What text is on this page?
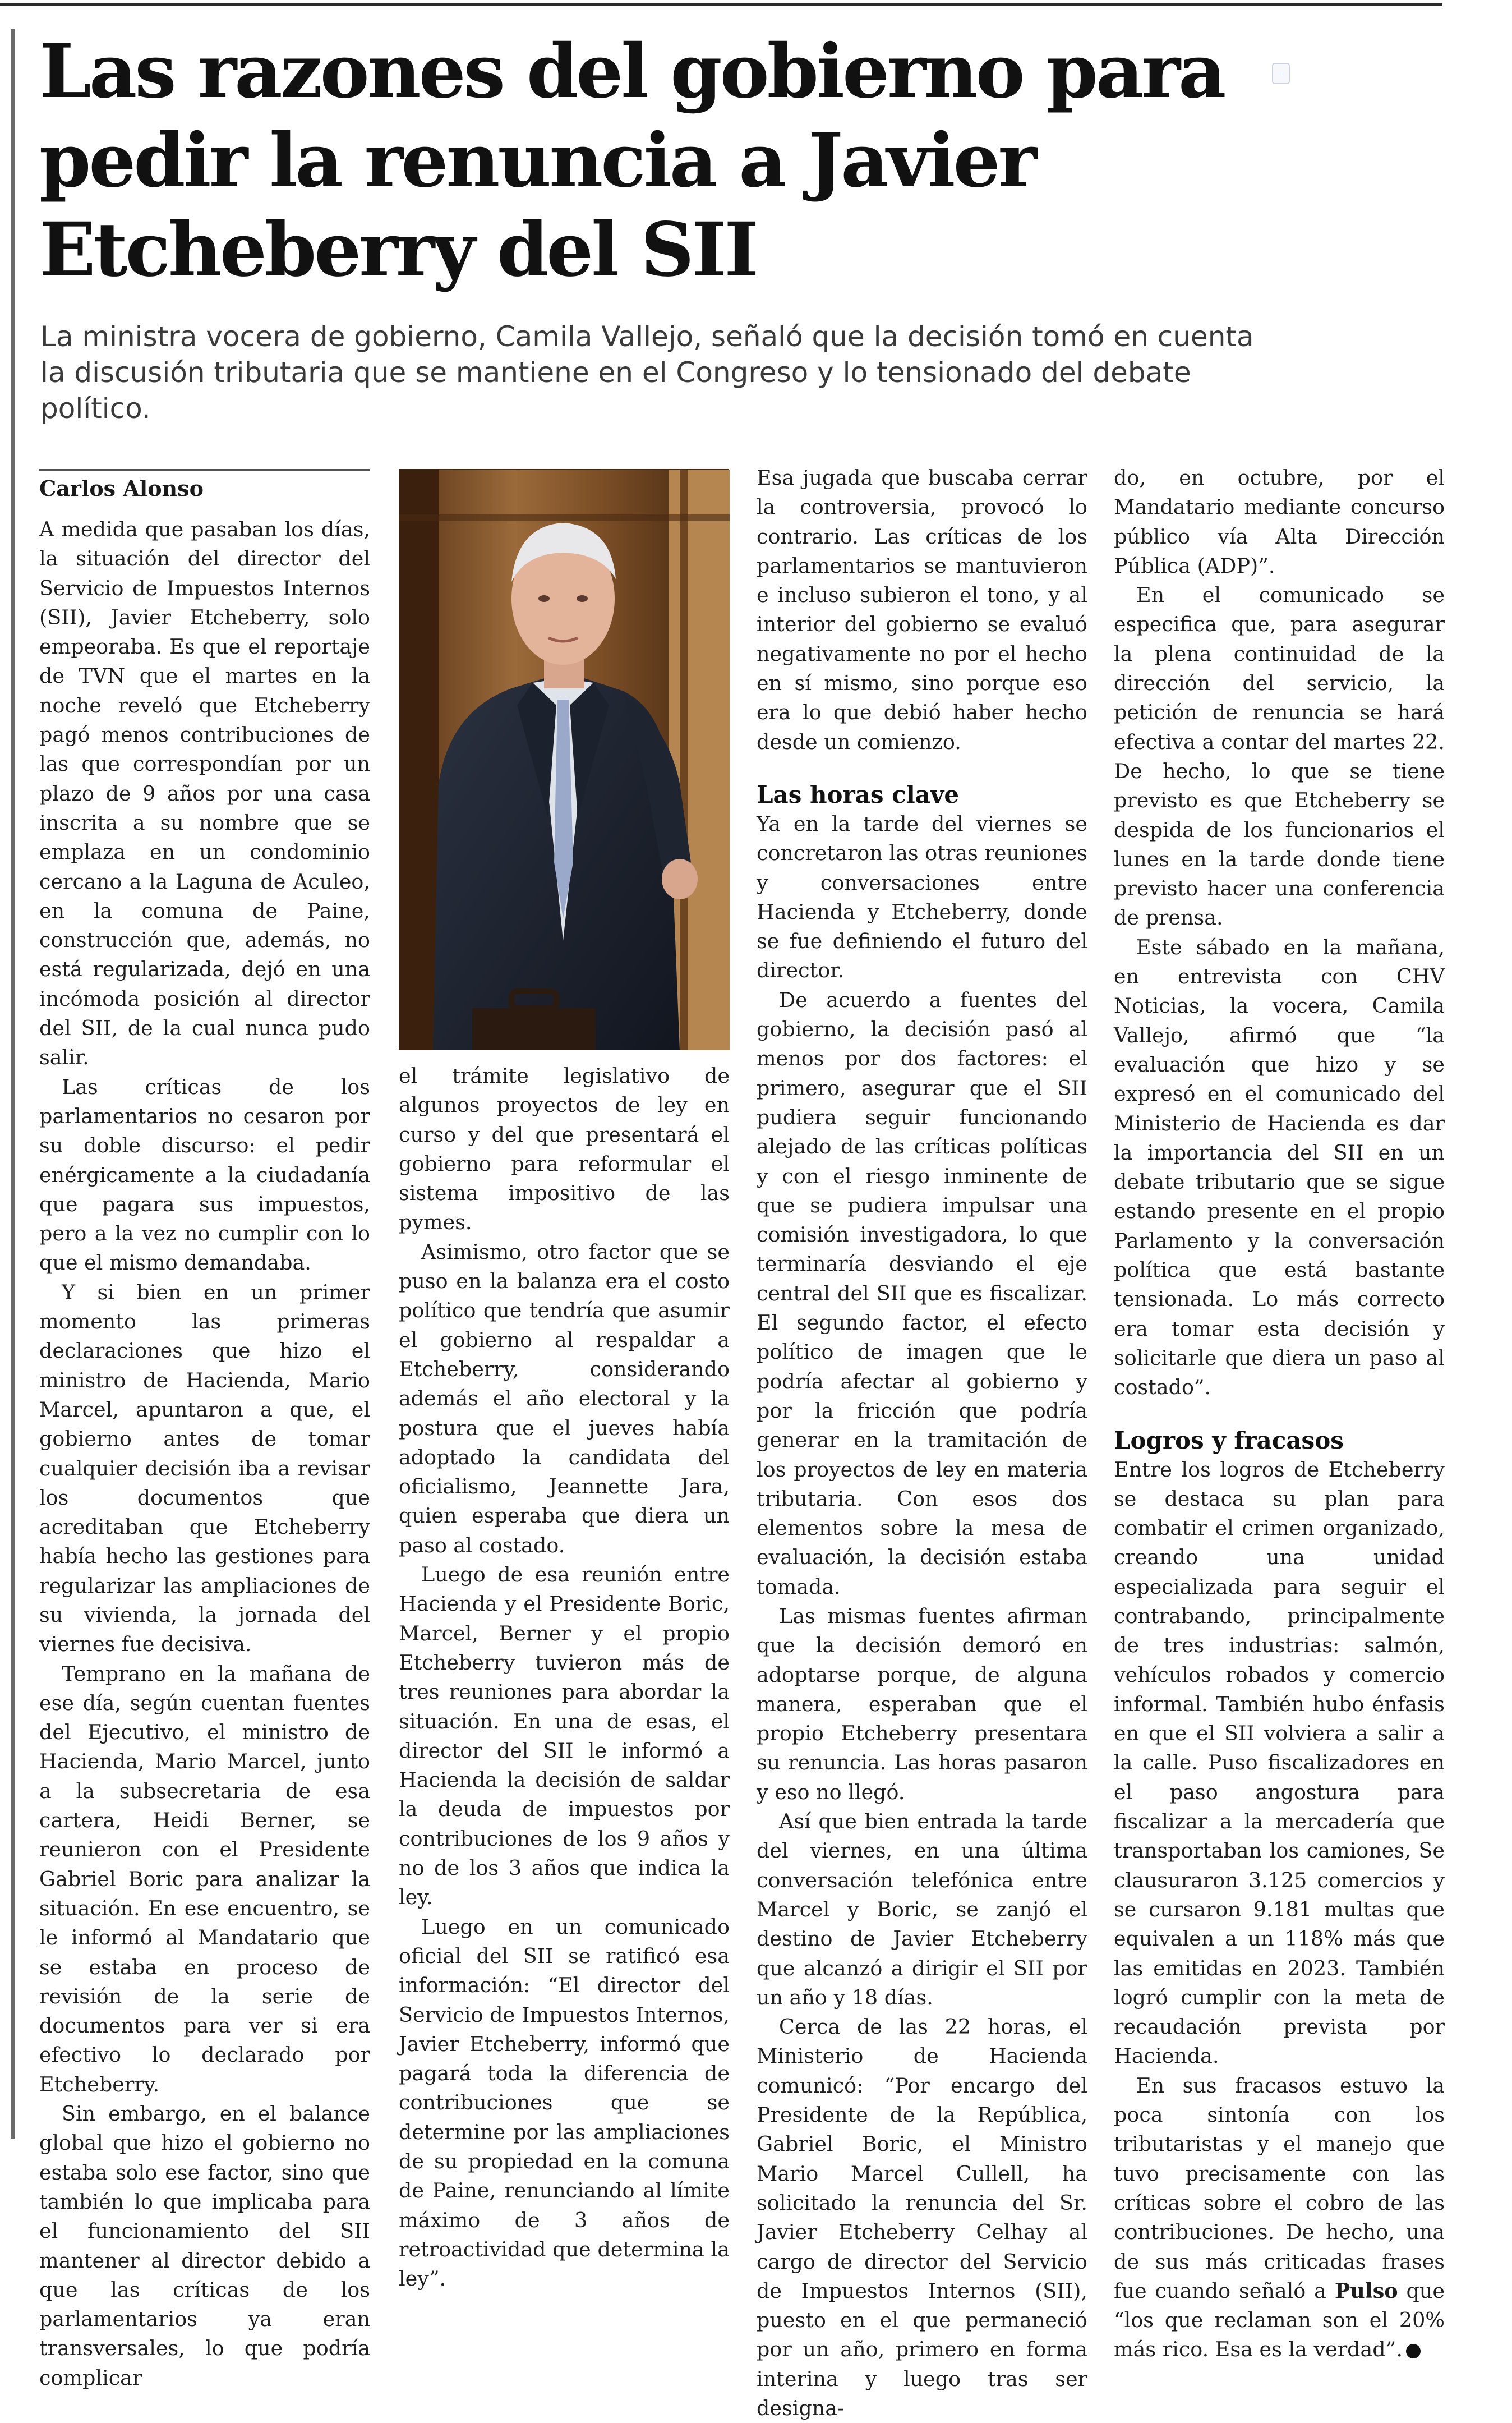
Las razones del gobierno para pedir la renuncia a Javier Etcheberry del SII
▫
La ministra vocera de gobierno, Camila Vallejo, señaló que la decisión tomó en cuenta la discusión tributaria que se mantiene en el Congreso y lo tensionado del debate político.
Carlos Alonso

A medida que pasaban los días, la situación del director del Servicio de Impuestos Internos (SII), Javier Etcheberry, solo empeoraba. Es que el reportaje de TVN que el martes en la noche reveló que Etcheberry pagó menos contribuciones de las que correspondían por un plazo de 9 años por una casa inscrita a su nombre que se emplaza en un condominio cercano a la Laguna de Aculeo, en la comuna de Paine, construcción que, además, no está regularizada, dejó en una incómoda posición al director del SII, de la cual nunca pudo salir.

Las críticas de los parlamentarios no cesaron por su doble discurso: el pedir enérgicamente a la ciudadanía que pagara sus impuestos, pero a la vez no cumplir con lo que el mismo demandaba.

Y si bien en un primer momento las primeras declaraciones que hizo el ministro de Hacienda, Mario Marcel, apuntaron a que, el gobierno antes de tomar cualquier decisión iba a revisar los documentos que acreditaban que Etcheberry había hecho las gestiones para regularizar las ampliaciones de su vivienda, la jornada del viernes fue decisiva.

Temprano en la mañana de ese día, según cuentan fuentes del Ejecutivo, el ministro de Hacienda, Mario Marcel, junto a la subsecretaria de esa cartera, Heidi Berner, se reunieron con el Presidente Gabriel Boric para analizar la situación. En ese encuentro, se le informó al Mandatario que se estaba en proceso de revisión de la serie de documentos para ver si era efectivo lo declarado por Etcheberry.

Sin embargo, en el balance global que hizo el gobierno no estaba solo ese factor, sino que también lo que implicaba para el funcionamiento del SII mantener al director debido a que las críticas de los parlamentarios ya eran transversales, lo que podría complicar

el trámite legislativo de algunos proyectos de ley en curso y del que presentará el gobierno para reformular el sistema impositivo de las pymes.

Asimismo, otro factor que se puso en la balanza era el costo político que tendría que asumir el gobierno al respaldar a Etcheberry, considerando además el año electoral y la postura que el jueves había adoptado la candidata del oficialismo, Jeannette Jara, quien esperaba que diera un paso al costado.

Luego de esa reunión entre Hacienda y el Presidente Boric, Marcel, Berner y el propio Etcheberry tuvieron más de tres reuniones para abordar la situación. En una de esas, el director del SII le informó a Hacienda la decisión de saldar la deuda de impuestos por contribuciones de los 9 años y no de los 3 años que indica la ley.

Luego en un comunicado oficial del SII se ratificó esa información: “El director del Servicio de Impuestos Internos, Javier Etcheberry, informó que pagará toda la diferencia de contribuciones que se determine por las ampliaciones de su propiedad en la comuna de Paine, renunciando al límite máximo de 3 años de retroactividad que determina la ley”.

Esa jugada que buscaba cerrar la controversia, provocó lo contrario. Las críticas de los parlamentarios se mantuvieron e incluso subieron el tono, y al interior del gobierno se evaluó negativamente no por el hecho en sí mismo, sino porque eso era lo que debió haber hecho desde un comienzo.

Las horas clave

Ya en la tarde del viernes se concretaron las otras reuniones y conversaciones entre Hacienda y Etcheberry, donde se fue definiendo el futuro del director.

De acuerdo a fuentes del gobierno, la decisión pasó al menos por dos factores: el primero, asegurar que el SII pudiera seguir funcionando alejado de las críticas políticas y con el riesgo inminente de que se pudiera impulsar una comisión investigadora, lo que terminaría desviando el eje central del SII que es fiscalizar. El segundo factor, el efecto político de imagen que le podría afectar al gobierno y por la fricción que podría generar en la tramitación de los proyectos de ley en materia tributaria. Con esos dos elementos sobre la mesa de evaluación, la decisión estaba tomada.

Las mismas fuentes afirman que la decisión demoró en adoptarse porque, de alguna manera, esperaban que el propio Etcheberry presentara su renuncia. Las horas pasaron y eso no llegó.

Así que bien entrada la tarde del viernes, en una última conversación telefónica entre Marcel y Boric, se zanjó el destino de Javier Etcheberry que alcanzó a dirigir el SII por un año y 18 días.

Cerca de las 22 horas, el Ministerio de Hacienda comunicó: “Por encargo del Presidente de la República, Gabriel Boric, el Ministro Mario Marcel Cullell, ha solicitado la renuncia del Sr. Javier Etcheberry Celhay al cargo de director del Servicio de Impuestos Internos (SII), puesto en el que permaneció por un año, primero en forma interina y luego tras ser designa-

do, en octubre, por el Mandatario mediante concurso público vía Alta Dirección Pública (ADP)”.

En el comunicado se especifica que, para asegurar la plena continuidad de la dirección del servicio, la petición de renuncia se hará efectiva a contar del martes 22. De hecho, lo que se tiene previsto es que Etcheberry se despida de los funcionarios el lunes en la tarde donde tiene previsto hacer una conferencia de prensa.

Este sábado en la mañana, en entrevista con CHV Noticias, la vocera, Camila Vallejo, afirmó que “la evaluación que hizo y se expresó en el comunicado del Ministerio de Hacienda es dar la importancia del SII en un debate tributario que se sigue estando presente en el propio Parlamento y la conversación política que está bastante tensionada. Lo más correcto era tomar esta decisión y solicitarle que diera un paso al costado”.

Logros y fracasos

Entre los logros de Etcheberry se destaca su plan para combatir el crimen organizado, creando una unidad especializada para seguir el contrabando, principalmente de tres industrias: salmón, vehículos robados y comercio informal. También hubo énfasis en que el SII volviera a salir a la calle. Puso fiscalizadores en el paso angostura para fiscalizar a la mercadería que transportaban los camiones, Se clausuraron 3.125 comercios y se cursaron 9.181 multas que equivalen a un 118% más que las emitidas en 2023. También logró cumplir con la meta de recaudación prevista por Hacienda.

En sus fracasos estuvo la poca sintonía con los tributaristas y el manejo que tuvo precisamente con las críticas sobre el cobro de las contribuciones. De hecho, una de sus más criticadas frases fue cuando señaló a Pulso que “los que reclaman son el 20% más rico. Esa es la verdad”.
